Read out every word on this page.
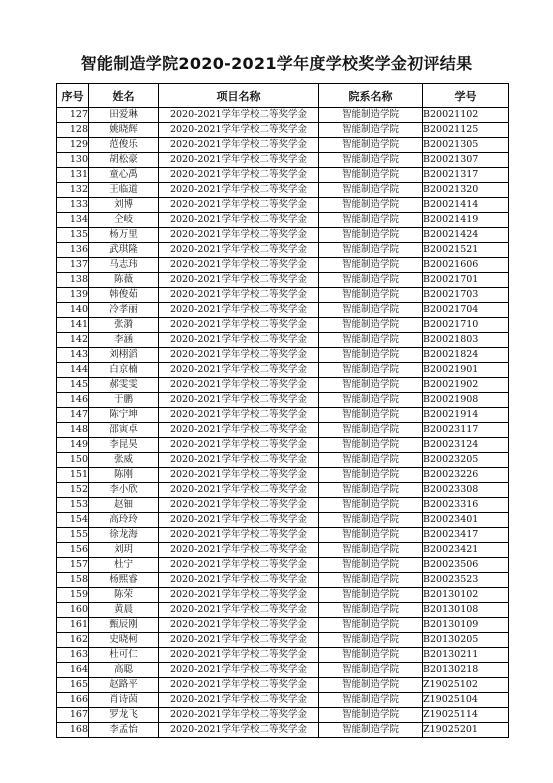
智能制造学院2020-2021学年度学校奖学金初评结果
序号	姓名	项目名称	院系名称	学号
127	田爱琳	2020-2021学年学校二等奖学金	智能制造学院	B20021102
128	姚晓辉	2020-2021学年学校二等奖学金	智能制造学院	B20021125
129	范俊乐	2020-2021学年学校二等奖学金	智能制造学院	B20021305
130	胡松豪	2020-2021学年学校二等奖学金	智能制造学院	B20021307
131	童心禹	2020-2021学年学校二等奖学金	智能制造学院	B20021317
132	王临道	2020-2021学年学校二等奖学金	智能制造学院	B20021320
133	刘博	2020-2021学年学校二等奖学金	智能制造学院	B20021414
134	仝岐	2020-2021学年学校二等奖学金	智能制造学院	B20021419
135	杨万里	2020-2021学年学校二等奖学金	智能制造学院	B20021424
136	武琪隆	2020-2021学年学校二等奖学金	智能制造学院	B20021521
137	马志玮	2020-2021学年学校二等奖学金	智能制造学院	B20021606
138	陈薇	2020-2021学年学校二等奖学金	智能制造学院	B20021701
139	韩俊茹	2020-2021学年学校二等奖学金	智能制造学院	B20021703
140	冷孝丽	2020-2021学年学校二等奖学金	智能制造学院	B20021704
141	张漪	2020-2021学年学校二等奖学金	智能制造学院	B20021710
142	李涵	2020-2021学年学校二等奖学金	智能制造学院	B20021803
143	刘栩滔	2020-2021学年学校二等奖学金	智能制造学院	B20021824
144	白京楠	2020-2021学年学校二等奖学金	智能制造学院	B20021901
145	郝雯雯	2020-2021学年学校二等奖学金	智能制造学院	B20021902
146	于鹏	2020-2021学年学校二等奖学金	智能制造学院	B20021908
147	陈宁坤	2020-2021学年学校二等奖学金	智能制造学院	B20021914
148	邵寅卓	2020-2021学年学校二等奖学金	智能制造学院	B20023117
149	李昆昊	2020-2021学年学校二等奖学金	智能制造学院	B20023124
150	张威	2020-2021学年学校二等奖学金	智能制造学院	B20023205
151	陈刚	2020-2021学年学校二等奖学金	智能制造学院	B20023226
152	李小欣	2020-2021学年学校二等奖学金	智能制造学院	B20023308
153	赵钿	2020-2021学年学校二等奖学金	智能制造学院	B20023316
154	高玲玲	2020-2021学年学校二等奖学金	智能制造学院	B20023401
155	徐龙海	2020-2021学年学校二等奖学金	智能制造学院	B20023417
156	刘玥	2020-2021学年学校二等奖学金	智能制造学院	B20023421
157	杜宁	2020-2021学年学校二等奖学金	智能制造学院	B20023506
158	杨熙睿	2020-2021学年学校二等奖学金	智能制造学院	B20023523
159	陈荣	2020-2021学年学校二等奖学金	智能制造学院	B20130102
160	黄晨	2020-2021学年学校二等奖学金	智能制造学院	B20130108
161	甄辰刚	2020-2021学年学校二等奖学金	智能制造学院	B20130109
162	史晓柯	2020-2021学年学校二等奖学金	智能制造学院	B20130205
163	杜可仁	2020-2021学年学校二等奖学金	智能制造学院	B20130211
164	高聪	2020-2021学年学校二等奖学金	智能制造学院	B20130218
165	赵路平	2020-2021学年学校二等奖学金	智能制造学院	Z19025102
166	肖诗茵	2020-2021学年学校二等奖学金	智能制造学院	Z19025104
167	罗龙飞	2020-2021学年学校二等奖学金	智能制造学院	Z19025114
168	李孟怡	2020-2021学年学校二等奖学金	智能制造学院	Z19025201
